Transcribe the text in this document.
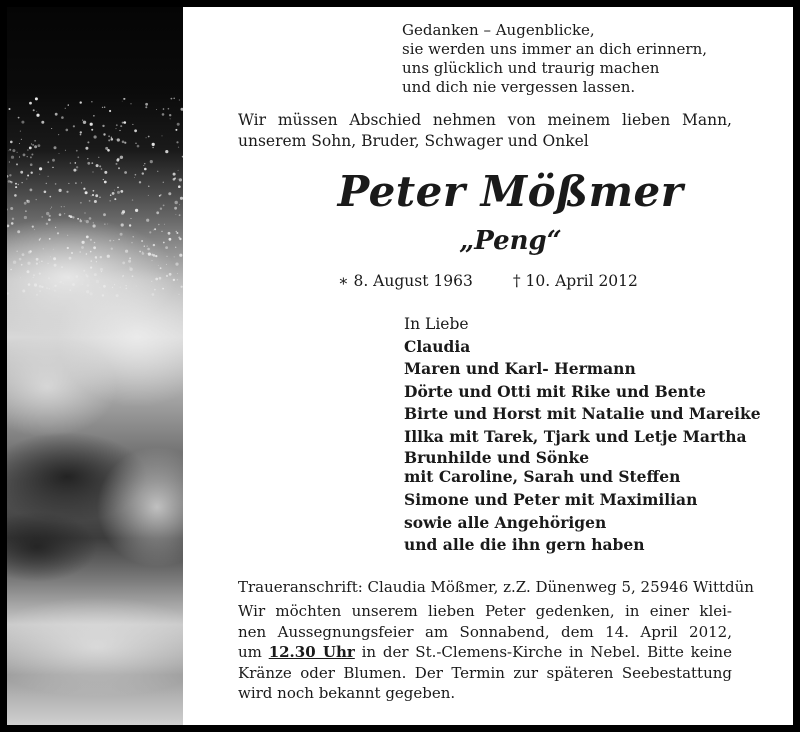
Gedanken – Augenblicke,
sie werden uns immer an dich erinnern,
uns glücklich und traurig machen
und dich nie vergessen lassen.
Wir müssen Abschied nehmen von meinem lieben Mann,
unserem Sohn, Bruder, Schwager und Onkel
Peter Mößmer
„Peng“
∗ 8. August 1963	† 10. April 2012
In Liebe
Claudia
Maren und Karl- Hermann
Dörte und Otti mit Rike und Bente
Birte und Horst mit Natalie und Mareike
Illka mit Tarek, Tjark und Letje Martha
Brunhilde und Sönke
mit Caroline, Sarah und Steffen
Simone und Peter mit Maximilian
sowie alle Angehörigen
und alle die ihn gern haben
Traueranschrift: Claudia Mößmer, z.Z. Dünenweg 5, 25946 Wittdün
Wir möchten unserem lieben Peter gedenken, in einer klei-
nen Aussegnungsfeier am Sonnabend, dem 14. April 2012,
um 12.30 Uhr in der St.-Clemens-Kirche in Nebel. Bitte keine
Kränze oder Blumen. Der Termin zur späteren Seebestattung
wird noch bekannt gegeben.
